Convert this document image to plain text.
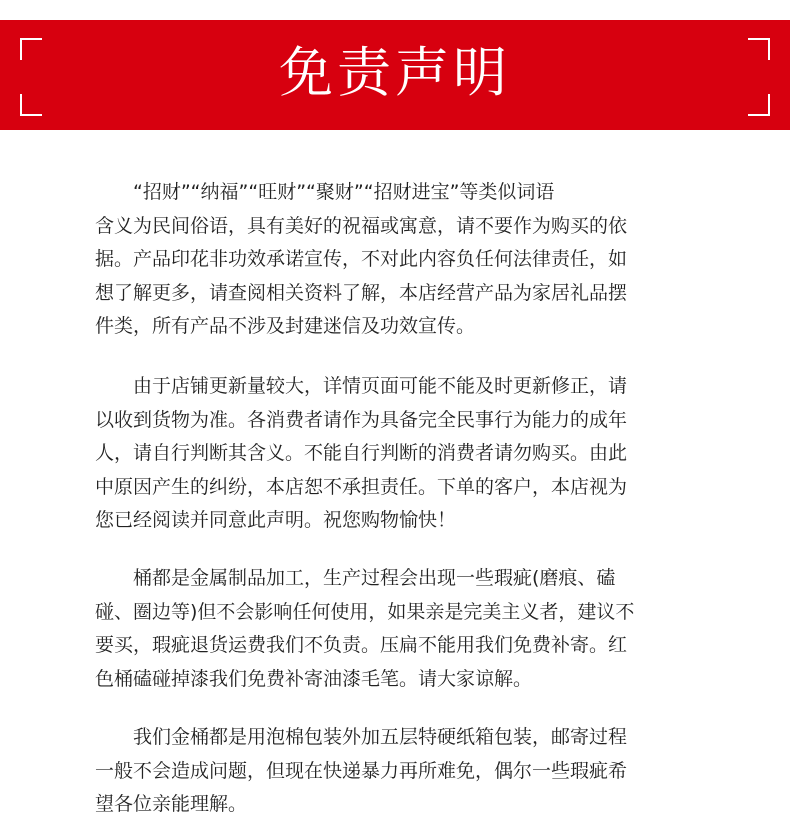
免责声明

　　“招财”“纳福”“旺财”“聚财”“招财进宝”等类似词语
含义为民间俗语，具有美好的祝福或寓意，请不要作为购买的依
据。产品印花非功效承诺宣传，不对此内容负任何法律责任，如
想了解更多，请查阅相关资料了解，本店经营产品为家居礼品摆
件类，所有产品不涉及封建迷信及功效宣传。

　　由于店铺更新量较大，详情页面可能不能及时更新修正，请
以收到货物为准。各消费者请作为具备完全民事行为能力的成年
人，请自行判断其含义。不能自行判断的消费者请勿购买。由此
中原因产生的纠纷，本店恕不承担责任。下单的客户，本店视为
您已经阅读并同意此声明。祝您购物愉快！

　　桶都是金属制品加工，生产过程会出现一些瑕疵(磨痕、磕
碰、圈边等)但不会影响任何使用，如果亲是完美主义者，建议不
要买，瑕疵退货运费我们不负责。压扁不能用我们免费补寄。红
色桶磕碰掉漆我们免费补寄油漆毛笔。请大家谅解。

　　我们金桶都是用泡棉包装外加五层特硬纸箱包装，邮寄过程
一般不会造成问题，但现在快递暴力再所难免，偶尔一些瑕疵希
望各位亲能理解。
